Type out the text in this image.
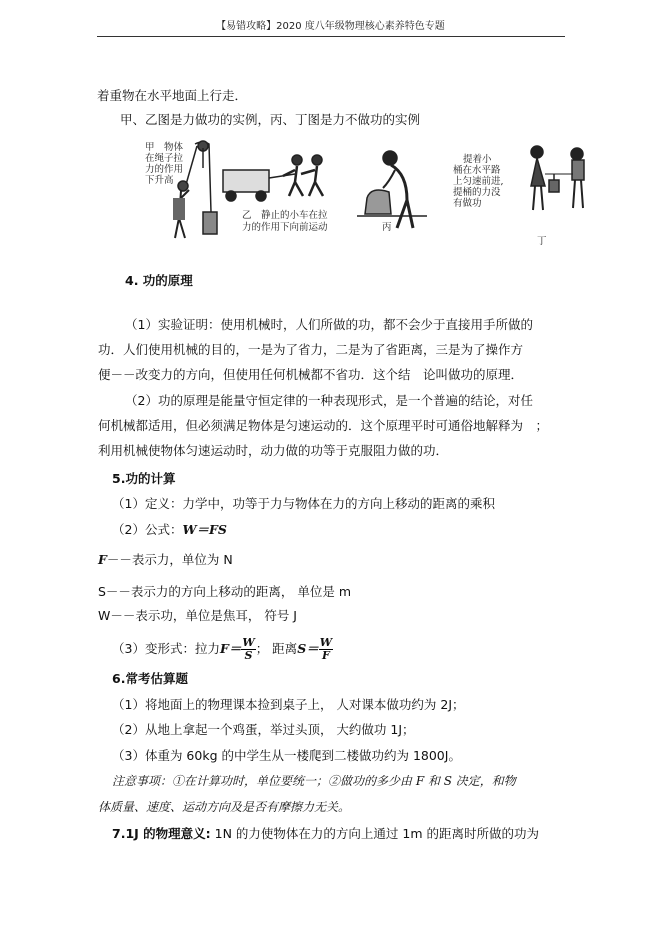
【易错攻略】2020 度八年级物理核心素养特色专题
着重物在水平地面上行走．
甲、乙图是力做功的实例，丙、丁图是力不做功的实例
甲　物体
在绳子拉
力的作用
下升高
乙　静止的小车在拉
力的作用下向前运动	丙
提着小
桶在水平路
上匀速前进,
提桶的力没
有做功
丁
4. 功的原理
（1）实验证明：使用机械时，人们所做的功，都不会少于直接用手所做的
功．人们使用机械的目的，一是为了省力，二是为了省距离，三是为了操作方
便－－改变力的方向，但使用任何机械都不省功．这个结　论叫做功的原理．
（2）功的原理是能量守恒定律的一种表现形式，是一个普遍的结论，对任
何机械都适用，但必须满足物体是匀速运动的．这个原理平时可通俗地解释为　；
利用机械使物体匀速运动时，动力做的功等于克服阻力做的功．
5.功的计算
（1）定义：力学中，功等于力与物体在力的方向上移动的距离的乘积
（2）公式：W＝FS
F－－表示力，单位为 N
S－－表示力的方向上移动的距离， 单位是 m
W－－表示功，单位是焦耳， 符号 J
（3）变形式：拉力$F= \frac{W}{S}$ ； 距离$S= \frac{W}{F}$
6.常考估算题
（1）将地面上的物理课本捡到桌子上， 人对课本做功约为 2J；
（2）从地上拿起一个鸡蛋，举过头顶， 大约做功 1J；
（3）体重为 60kg 的中学生从一楼爬到二楼做功约为 1800J。
注意事项：①在计算功时，单位要统一；②做功的多少由 F 和 S 决定，和物
体质量、速度、运动方向及是否有摩擦力无关。
7.1J 的物理意义: 1N 的力使物体在力的方向上通过 1m 的距离时所做的功为
